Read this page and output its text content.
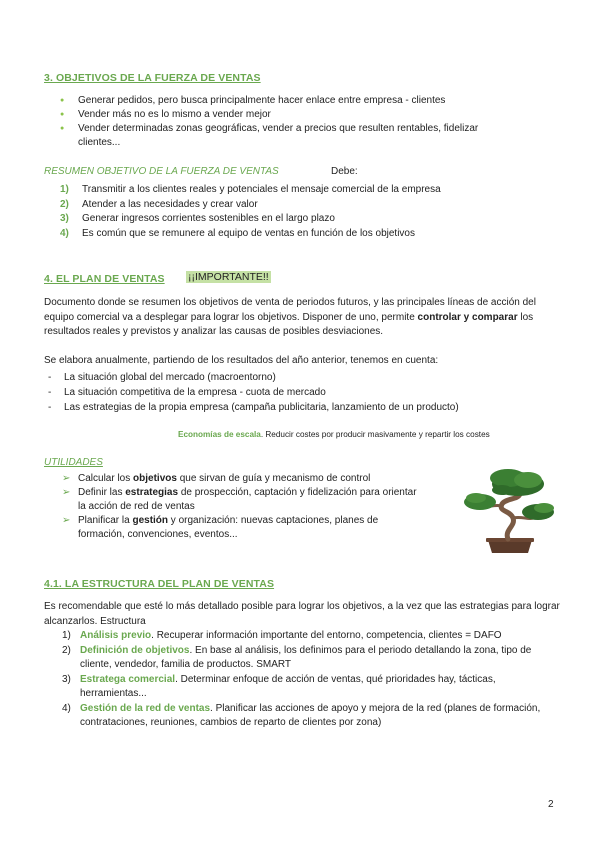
3. OBJETIVOS DE LA FUERZA DE VENTAS
● Generar pedidos, pero busca principalmente hacer enlace entre empresa - clientes
● Vender más no es lo mismo a vender mejor
● Vender determinadas zonas geográficas, vender a precios que resulten rentables, fidelizar clientes...
RESUMEN OBJETIVO DE LA FUERZA DE VENTAS	Debe:
1) Transmitir a los clientes reales y potenciales el mensaje comercial de la empresa
2) Atender a las necesidades y crear valor
3) Generar ingresos corrientes sostenibles en el largo plazo
4) Es común que se remunere al equipo de ventas en función de los objetivos
4. EL PLAN DE VENTAS ¡¡IMPORTANTE!!
Documento donde se resumen los objetivos de venta de periodos futuros, y las principales líneas de acción del equipo comercial va a desplegar para lograr los objetivos. Disponer de uno, permite controlar y comparar los resultados reales y previstos y analizar las causas de posibles desviaciones.
Se elabora anualmente, partiendo de los resultados del año anterior, tenemos en cuenta:
- La situación global del mercado (macroentorno)
- La situación competitiva de la empresa - cuota de mercado
- Las estrategias de la propia empresa (campaña publicitaria, lanzamiento de un producto)
Economías de escala. Reducir costes por producir masivamente y repartir los costes
UTILIDADES
➢ Calcular los objetivos que sirvan de guía y mecanismo de control
➢ Definir las estrategias de prospección, captación y fidelización para orientar la acción de red de ventas
➢ Planificar la gestión y organización: nuevas captaciones, planes de formación, convenciones, eventos...
4.1. LA ESTRUCTURA DEL PLAN DE VENTAS
Es recomendable que esté lo más detallado posible para lograr los objetivos, a la vez que las estrategias para lograr alcanzarlos. Estructura
1) Análisis previo. Recuperar información importante del entorno, competencia, clientes = DAFO
2) Definición de objetivos. En base al análisis, los definimos para el periodo detallando la zona, tipo de cliente, vendedor, familia de productos. SMART
3) Estratega comercial. Determinar enfoque de acción de ventas, qué prioridades hay, tácticas, herramientas...
4) Gestión de la red de ventas. Planificar las acciones de apoyo y mejora de la red (planes de formación, contrataciones, reuniones, cambios de reparto de clientes por zona)
2
